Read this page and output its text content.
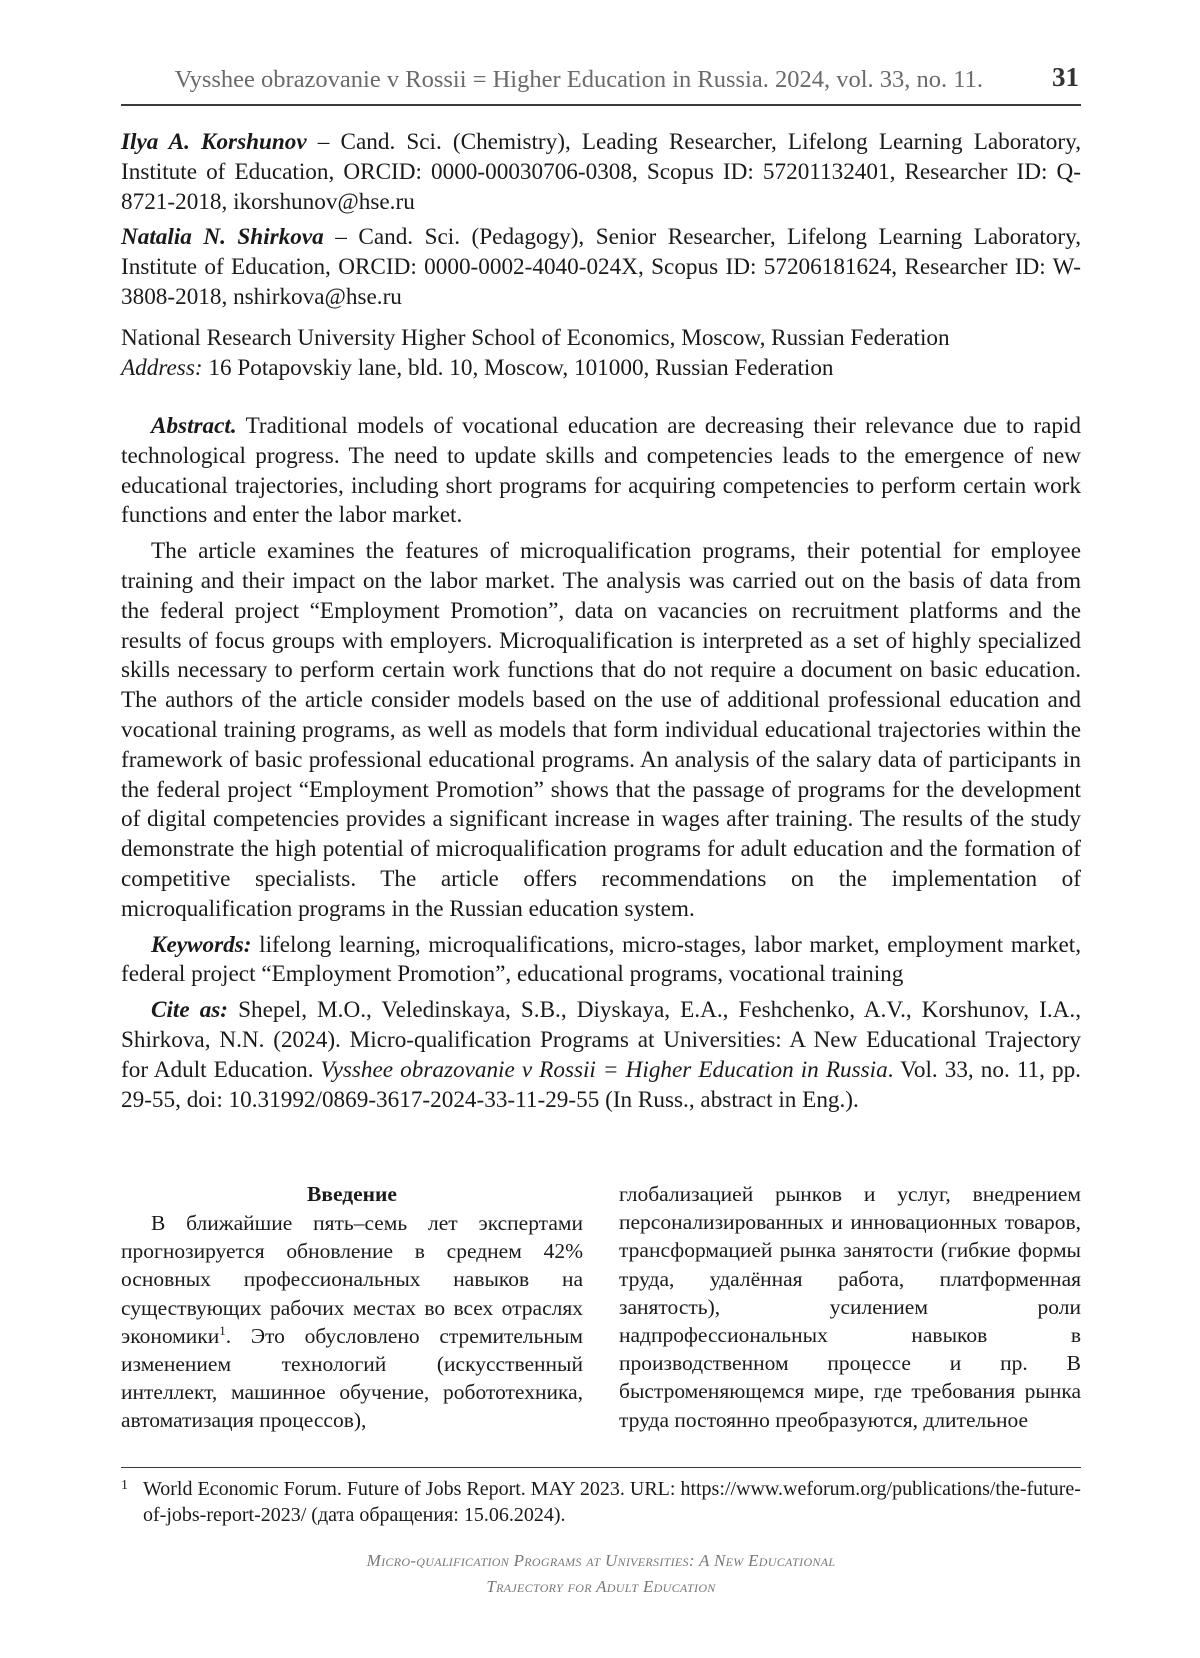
Vysshee obrazovanie v Rossii = Higher Education in Russia. 2024, vol. 33, no. 11.	31

Ilya A. Korshunov – Cand. Sci. (Chemistry), Leading Researcher, Lifelong Learning Laboratory, Institute of Education, ORCID: 0000-00030706-0308, Scopus ID: 57201132401, Researcher ID: Q-8721-2018, ikorshunov@hse.ru

Natalia N. Shirkova – Cand. Sci. (Pedagogy), Senior Researcher, Lifelong Learning Laboratory, Institute of Education, ORCID: 0000-0002-4040-024X, Scopus ID: 57206181624, Researcher ID: W-3808-2018, nshirkova@hse.ru

National Research University Higher School of Economics, Moscow, Russian Federation

Address: 16 Potapovskiy lane, bld. 10, Moscow, 101000, Russian Federation

Abstract. Traditional models of vocational education are decreasing their relevance due to rapid technological progress. The need to update skills and competencies leads to the emergence of new educational trajectories, including short programs for acquiring competencies to perform certain work functions and enter the labor market.

The article examines the features of microqualification programs, their potential for employee training and their impact on the labor market. The analysis was carried out on the basis of data from the federal project “Employment Promotion”, data on vacancies on recruitment platforms and the results of focus groups with employers. Microqualification is interpreted as a set of highly specialized skills necessary to perform certain work functions that do not require a document on basic education. The authors of the article consider models based on the use of additional professional education and vocational training programs, as well as models that form individual educational trajectories within the framework of basic professional educational programs. An analysis of the salary data of participants in the federal project “Employment Promotion” shows that the passage of programs for the development of digital competencies provides a significant increase in wages after training. The results of the study demonstrate the high potential of microqualification programs for adult education and the formation of competitive specialists. The article offers recommendations on the implementation of microqualification programs in the Russian education system.

Keywords: lifelong learning, microqualifications, micro-stages, labor market, employment market, federal project “Employment Promotion”, educational programs, vocational training

Cite as: Shepel, M.O., Veledinskaya, S.B., Diyskaya, E.A., Feshchenko, A.V., Korshunov, I.A., Shirkova, N.N. (2024). Micro-qualification Programs at Universities: A New Educational Trajectory for Adult Education. Vysshee obrazovanie v Rossii = Higher Education in Russia. Vol. 33, no. 11, pp. 29-55, doi: 10.31992/0869-3617-2024-33-11-29-55 (In Russ., abstract in Eng.).

Введение

В ближайшие пять–семь лет экспертами прогнозируется обновление в среднем 42% основных профессиональных навыков на существующих рабочих местах во всех отраслях экономики$^1$. Это обусловлено стремительным изменением технологий (искусственный интеллект, машинное обучение, робототехника, автоматизация процессов),

глобализацией рынков и услуг, внедрением персонализированных и инновационных товаров, трансформацией рынка занятости (гибкие формы труда, удалённая работа, платформенная занятость), усилением роли надпрофессиональных навыков в производственном процессе и пр. В быстроменяющемся мире, где требования рынка труда постоянно преобразуются, длительное

1 World Economic Forum. Future of Jobs Report. MAY 2023. URL: https://www.weforum.org/publications/the-future-of-jobs-report-2023/ (дата обращения: 15.06.2024).
Micro-qualification Programs at Universities: A New Educational
Trajectory for Adult Education
